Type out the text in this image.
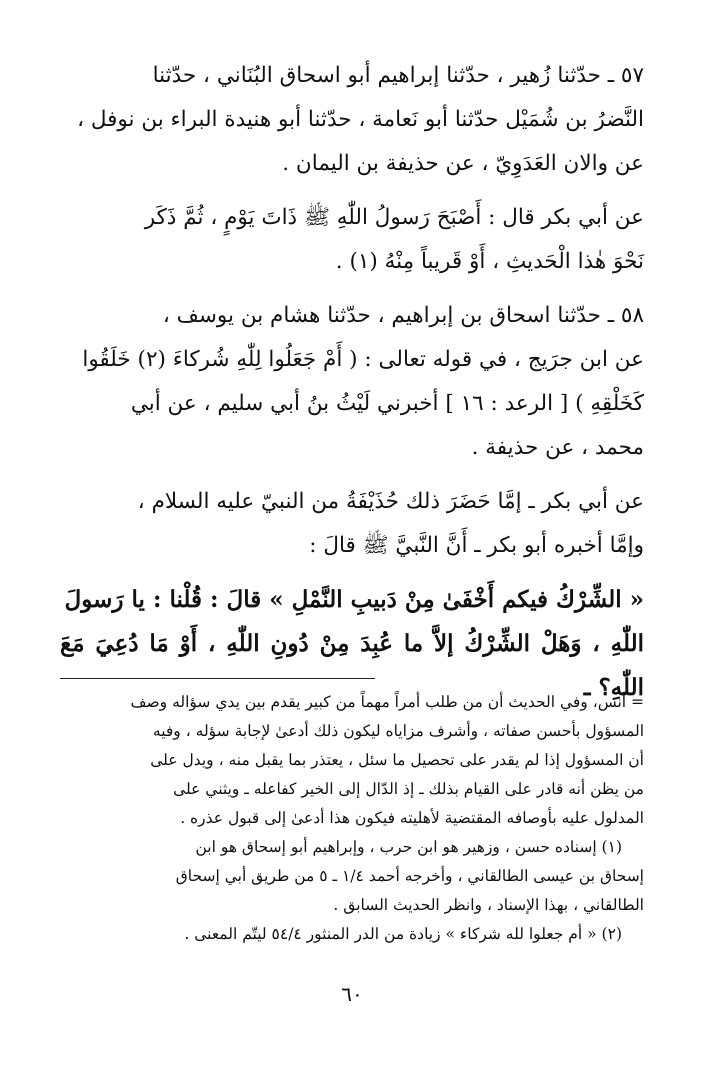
٥٧ ـ حدّثنا زُهير ، حدّثنا إبراهيم أبو اسحاق البُنَاني ، حدّثنا
النَّضرُ بن شُمَيْل حدّثنا أبو نَعامة ، حدّثنا أبو هنيدة البراء بن نوفل ،
عن والان العَدَوِيّ ، عن حذيفة بن اليمان .

عن أبي بكر قال : أَصْبَحَ رَسولُ اللّٰهِ ﷺ ذَاتَ يَوْمٍ ، ثُمَّ ذَكَر
نَحْوَ هٰذا الْحَديثِ ، أَوْ قَريباً مِنْهُ (١) .

٥٨ ـ حدّثنا اسحاق بن إبراهيم ، حدّثنا هشام بن يوسف ،
عن ابن جرَيج ، في قوله تعالى : ( أَمْ جَعَلُوا لِلّٰهِ شُركاءَ (٢) خَلَقُوا
كَخَلْقِهِ ) [ الرعد : ١٦ ] أخبرني لَيْثُ بنُ أبي سليم ، عن أبي
محمد ، عن حذيفة .

عن أبي بكر ـ إمَّا حَضَرَ ذلك حُذَيْفَةُ من النبيّ عليه السلام ،
وإمَّا أخبره أبو بكر ـ أَنَّ النَّبيَّ ﷺ قالَ :

« الشِّرْكُ فيكم أَخْفَىٰ مِنْ دَبيبِ النَّمْلِ » قالَ : قُلْنا : يا رَسولَ
اللّٰهِ ، وَهَلْ الشِّرْكُ إلاَّ ما عُبِدَ مِنْ دُونِ اللّٰهِ ، أَوْ مَا دُعِيَ مَعَ اللّٰهِ؟ ـ

= أنس، وفي الحديث أن من طلب أمراً مهماً من كبير يقدم بين يدي سؤاله وصف
المسؤول بأحسن صفاته ، وأشرف مزاياه ليكون ذلك أدعىٰ لإجابة سؤله ، وفيه
أن المسؤول إذا لم يقدر على تحصيل ما سئل ، يعتذر بما يقبل منه ، ويدل على
من يظن أنه قادر على القيام بذلك ـ إذ الدّال إلى الخير كفاعله ـ ويثني على
المدلول عليه بأوصافه المقتضية لأهليته فيكون هذا أدعىٰ إلى قبول عذره .

(١) إسناده حسن ، وزهير هو ابن حرب ، وإبراهيم أبو إسحاق هو ابن
إسحاق بن عيسى الطالقاني ، وأخرجه أحمد ١/٤ ـ ٥ من طريق أبي إسحاق
الطالقاني ، بهذا الإسناد ، وانظر الحديث السابق .

(٢) « أم جعلوا لله شركاء » زيادة من الدر المنثور ٥٤/٤ ليتّم المعنى .

٦٠
